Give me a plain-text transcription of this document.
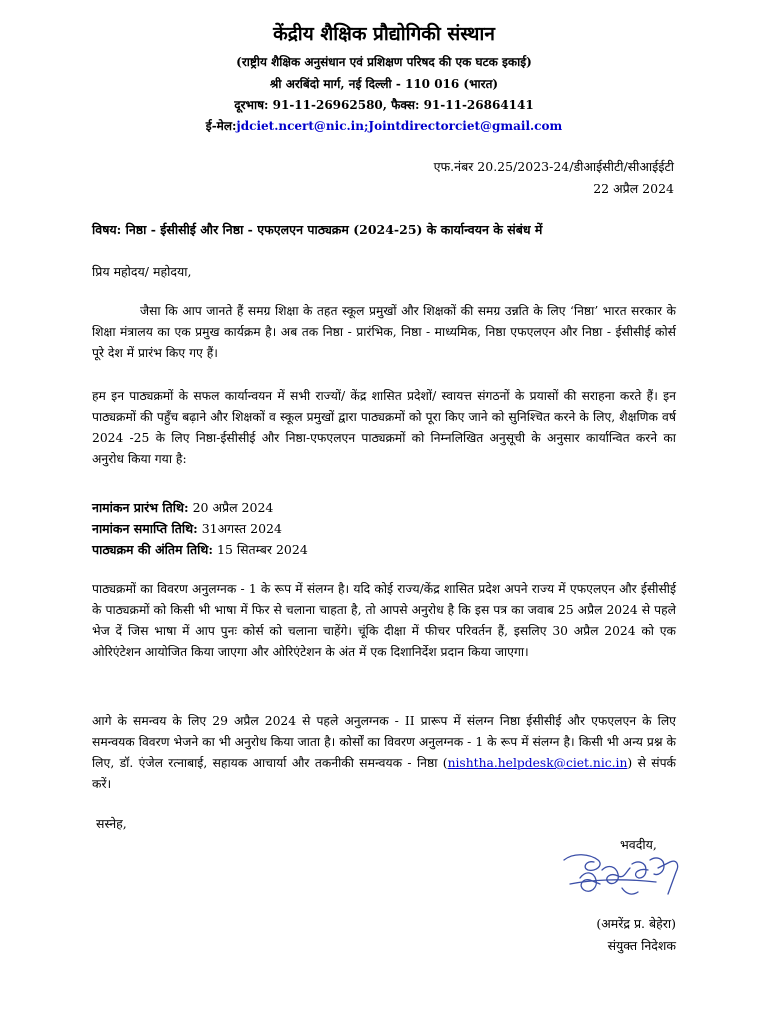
केंद्रीय शैक्षिक प्रौद्योगिकी संस्थान
(राष्ट्रीय शैक्षिक अनुसंधान एवं प्रशिक्षण परिषद की एक घटक इकाई)
श्री अरबिंदो मार्ग, नई दिल्ली - 110 016 (भारत)
दूरभाष: 91-11-26962580, फैक्स: 91-11-26864141
ई-मेल:jdciet.ncert@nic.in;Jointdirectorciet@gmail.com
एफ.नंबर 20.25/2023-24/डीआईसीटी/सीआईईटी
22 अप्रैल 2024
विषय: निष्ठा - ईसीसीई और निष्ठा - एफएलएन पाठ्यक्रम (2024-25) के कार्यान्वयन के संबंध में
प्रिय महोदय/ महोदया,
जैसा कि आप जानते हैं समग्र शिक्षा के तहत स्कूल प्रमुखों और शिक्षकों की समग्र उन्नति के लिए ‘निष्ठा’ भारत सरकार के शिक्षा मंत्रालय का एक प्रमुख कार्यक्रम है। अब तक निष्ठा - प्रारंभिक, निष्ठा - माध्यमिक, निष्ठा एफएलएन और निष्ठा - ईसीसीई कोर्स पूरे देश में प्रारंभ किए गए हैं।
हम इन पाठ्यक्रमों के सफल कार्यान्वयन में सभी राज्यों/ केंद्र शासित प्रदेशों/ स्वायत्त संगठनों के प्रयासों की सराहना करते हैं। इन पाठ्यक्रमों की पहुँच बढ़ाने और शिक्षकों व स्कूल प्रमुखों द्वारा पाठ्यक्रमों को पूरा किए जाने को सुनिश्चित करने के लिए, शैक्षणिक वर्ष 2024 -25 के लिए निष्ठा-ईसीसीई और निष्ठा-एफएलएन पाठ्यक्रमों को निम्नलिखित अनुसूची के अनुसार कार्यान्वित करने का अनुरोध किया गया है:
नामांकन प्रारंभ तिथि: 20 अप्रैल 2024
नामांकन समाप्ति तिथि: 31अगस्त 2024
पाठ्यक्रम की अंतिम तिथि: 15 सितम्बर 2024
पाठ्यक्रमों का विवरण अनुलग्नक - 1 के रूप में संलग्न है। यदि कोई राज्य/केंद्र शासित प्रदेश अपने राज्य में एफएलएन और ईसीसीई के पाठ्यक्रमों को किसी भी भाषा में फिर से चलाना चाहता है, तो आपसे अनुरोध है कि इस पत्र का जवाब 25 अप्रैल 2024 से पहले भेज दें जिस भाषा में आप पुनः कोर्स को चलाना चाहेंगे। चूंकि दीक्षा में फीचर परिवर्तन हैं, इसलिए 30 अप्रैल 2024 को एक ओरिएंटेशन आयोजित किया जाएगा और ओरिएंटेशन के अंत में एक दिशानिर्देश प्रदान किया जाएगा।
आगे के समन्वय के लिए 29 अप्रैल 2024 से पहले अनुलग्नक - II प्रारूप में संलग्न निष्ठा ईसीसीई और एफएलएन के लिए समन्वयक विवरण भेजने का भी अनुरोध किया जाता है। कोर्सों का विवरण अनुलग्नक - 1 के रूप में संलग्न है। किसी भी अन्य प्रश्न के लिए, डॉ. एंजेल रत्नाबाई, सहायक आचार्या और तकनीकी समन्वयक - निष्ठा (nishtha.helpdesk@ciet.nic.in) से संपर्क करें।
सस्नेह,
भवदीय,
(अमरेंद्र प्र. बेहेरा)
संयुक्त निदेशक
